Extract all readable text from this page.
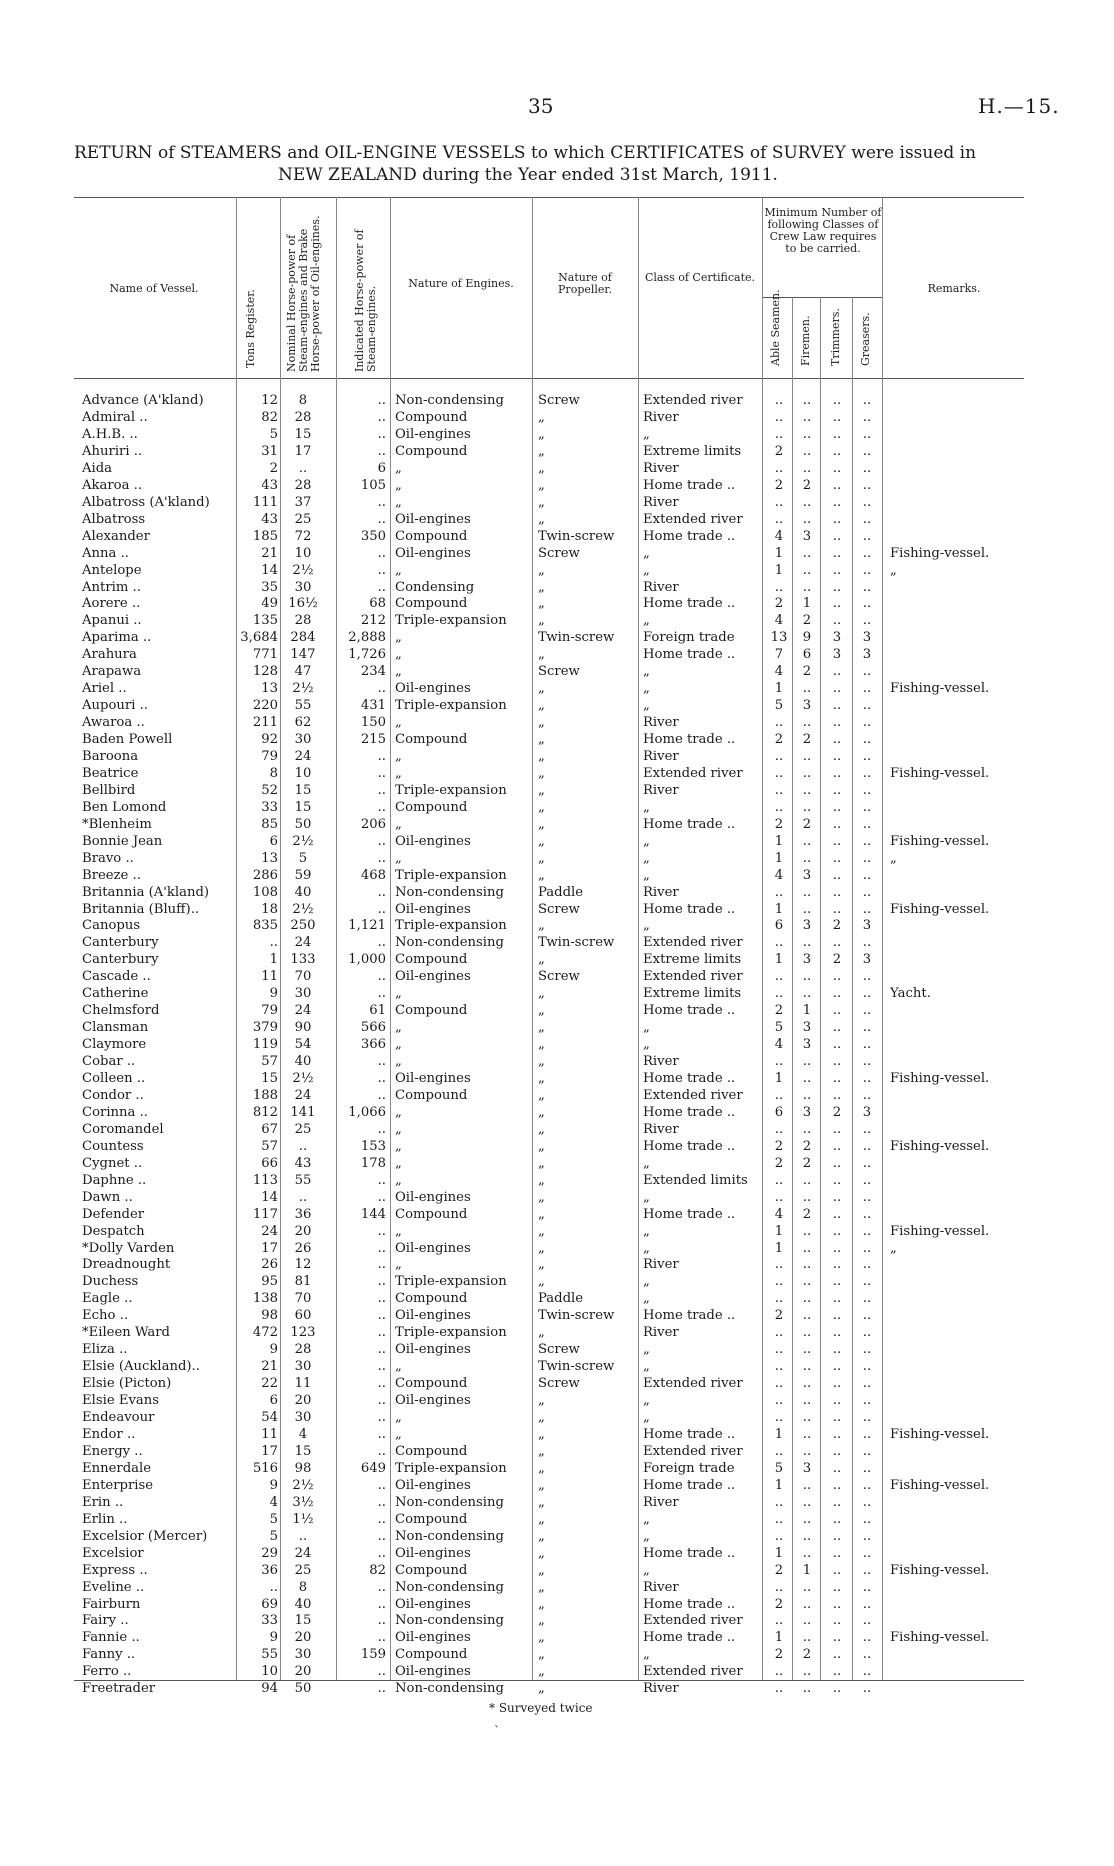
35	H.—15.
RETURN of STEAMERS and OIL-ENGINE VESSELS to which CERTIFICATES of SURVEY were issued in
NEW ZEALAND during the Year ended 31st March, 1911.
Name of Vessel.
Tons Register.	Nominal Horse-power of Steam-engines and Brake Horse-power of Oil-engines.	Indicated Horse-power of Steam-engines.
Nature of Engines.	Nature of Propeller.
Class of Certificate.
Minimum Number of following Classes of Crew Law requires to be carried.
Able Seamen. Firemen. Trimmers. Greasers.
Remarks.
Advance (A'kland)	12	8	.. Non-condensing	Screw	Extended river	..	..	..	..
Admiral ..	82	28	.. Compound	„	River	..	..	..	..
A.H.B. ..	5	15	.. Oil-engines	„	„	..	..	..	..
Ahuriri ..	31	17	.. Compound	„	Extreme limits	2	..	..	..
Aida	2	..	6 „	„	River	..	..	..	..
Akaroa ..	43	28	105 „	„	Home trade ..	2	2	..	..
Albatross (A'kland)	111	37	.. „	„	River	..	..	..	..
Albatross	43	25	.. Oil-engines	„	Extended river	..	..	..	..
Alexander	185	72	350 Compound	Twin-screw	Home trade ..	4	3	..	..
Anna ..	21	10	.. Oil-engines	Screw	„	1	..	..	..	Fishing-vessel.
Antelope	14	2½	.. „	„	„	1	..	..	..	„
Antrim ..	35	30	.. Condensing	„	River	..	..	..	..
Aorere ..	49 16½	68 Compound	„	Home trade ..	2	1	..	..
Apanui ..	135	28	212 Triple-expansion	„	„	4	2	..	..
Aparima ..	3,684 284	2,888 „	Twin-screw	Foreign trade	13	9	3	3
Arahura	771 147	1,726 „	„	Home trade ..	7	6	3	3
Arapawa	128	47	234 „	Screw	„	4	2	..	..
Ariel ..	13	2½	.. Oil-engines	„	„	1	..	..	..	Fishing-vessel.
Aupouri ..	220	55	431 Triple-expansion	„	„	5	3	..	..
Awaroa ..	211	62	150 „	„	River	..	..	..	..
Baden Powell	92	30	215 Compound	„	Home trade ..	2	2	..	..
Baroona	79	24	.. „	„	River	..	..	..	..
Beatrice	8	10	.. „	„	Extended river	..	..	..	..	Fishing-vessel.
Bellbird	52	15	.. Triple-expansion	„	River	..	..	..	..
Ben Lomond	33	15	.. Compound	„	„	..	..	..	..
*Blenheim	85	50	206 „	„	Home trade ..	2	2	..	..
Bonnie Jean	6	2½	.. Oil-engines	„	„	1	..	..	..	Fishing-vessel.
Bravo ..	13	5	.. „	„	„	1	..	..	..	„
Breeze ..	286	59	468 Triple-expansion	„	„	4	3	..	..
Britannia (A'kland)	108	40	.. Non-condensing	Paddle	River	..	..	..	..
Britannia (Bluff)..	18	2½	.. Oil-engines	Screw	Home trade ..	1	..	..	..	Fishing-vessel.
Canopus	835 250	1,121 Triple-expansion	„	„	6	3	2	3
Canterbury	..	24	.. Non-condensing	Twin-screw	Extended river	..	..	..	..
Canterbury	1 133	1,000 Compound	„	Extreme limits	1	3	2	3
Cascade ..	11	70	.. Oil-engines	Screw	Extended river	..	..	..	..
Catherine	9	30	.. „	„	Extreme limits	..	..	..	..	Yacht.
Chelmsford	79	24	61 Compound	„	Home trade ..	2	1	..	..
Clansman	379	90	566 „	„	„	5	3	..	..
Claymore	119	54	366 „	„	„	4	3	..	..
Cobar ..	57	40	.. „	„	River	..	..	..	..
Colleen ..	15	2½	.. Oil-engines	„	Home trade ..	1	..	..	..	Fishing-vessel.
Condor ..	188	24	.. Compound	„	Extended river	..	..	..	..
Corinna ..	812 141	1,066 „	„	Home trade ..	6	3	2	3
Coromandel	67	25	.. „	„	River	..	..	..	..
Countess	57	..	153 „	„	Home trade ..	2	2	..	..	Fishing-vessel.
Cygnet ..	66	43	178 „	„	„	2	2	..	..
Daphne ..	113	55	.. „	„	Extended limits	..	..	..	..
Dawn ..	14	..	.. Oil-engines	„	„	..	..	..	..
Defender	117	36	144 Compound	„	Home trade ..	4	2	..	..
Despatch	24	20	.. „	„	„	1	..	..	..	Fishing-vessel.
*Dolly Varden	17	26	.. Oil-engines	„	„	1	..	..	..	„
Dreadnought	26	12	.. „	„	River	..	..	..	..
Duchess	95	81	.. Triple-expansion	„	„	..	..	..	..
Eagle ..	138	70	.. Compound	Paddle	„	..	..	..	..
Echo ..	98	60	.. Oil-engines	Twin-screw	Home trade ..	2	..	..	..
*Eileen Ward	472 123	.. Triple-expansion	„	River	..	..	..	..
Eliza ..	9	28	.. Oil-engines	Screw	„	..	..	..	..
Elsie (Auckland)..	21	30	.. „	Twin-screw	„	..	..	..	..
Elsie (Picton)	22	11	.. Compound	Screw	Extended river	..	..	..	..
Elsie Evans	6	20	.. Oil-engines	„	„	..	..	..	..
Endeavour	54	30	.. „	„	„	..	..	..	..
Endor ..	11	4	.. „	„	Home trade ..	1	..	..	..	Fishing-vessel.
Energy ..	17	15	.. Compound	„	Extended river	..	..	..	..
Ennerdale	516	98	649 Triple-expansion	„	Foreign trade	5	3	..	..
Enterprise	9	2½	.. Oil-engines	„	Home trade ..	1	..	..	..	Fishing-vessel.
Erin ..	4	3½	.. Non-condensing	„	River	..	..	..	..
Erlin ..	5	1½	.. Compound	„	„	..	..	..	..
Excelsior (Mercer)	5	..	.. Non-condensing	„	„	..	..	..	..
Excelsior	29	24	.. Oil-engines	„	Home trade ..	1	..	..	..
Express ..	36	25	82 Compound	„	„	2	1	..	..	Fishing-vessel.
Eveline ..	..	8	.. Non-condensing	„	River	..	..	..	..
Fairburn	69	40	.. Oil-engines	„	Home trade ..	2	..	..	..
Fairy ..	33	15	.. Non-condensing	„	Extended river	..	..	..	..
Fannie ..	9	20	.. Oil-engines	„	Home trade ..	1	..	..	..	Fishing-vessel.
Fanny ..	55	30	159 Compound	„	„	2	2	..	..
Ferro ..	10	20	.. Oil-engines	„	Extended river	..	..	..	..
Freetrader	94	50	.. Non-condensing	„	River	..	..	..	..
* Surveyed twice
`
